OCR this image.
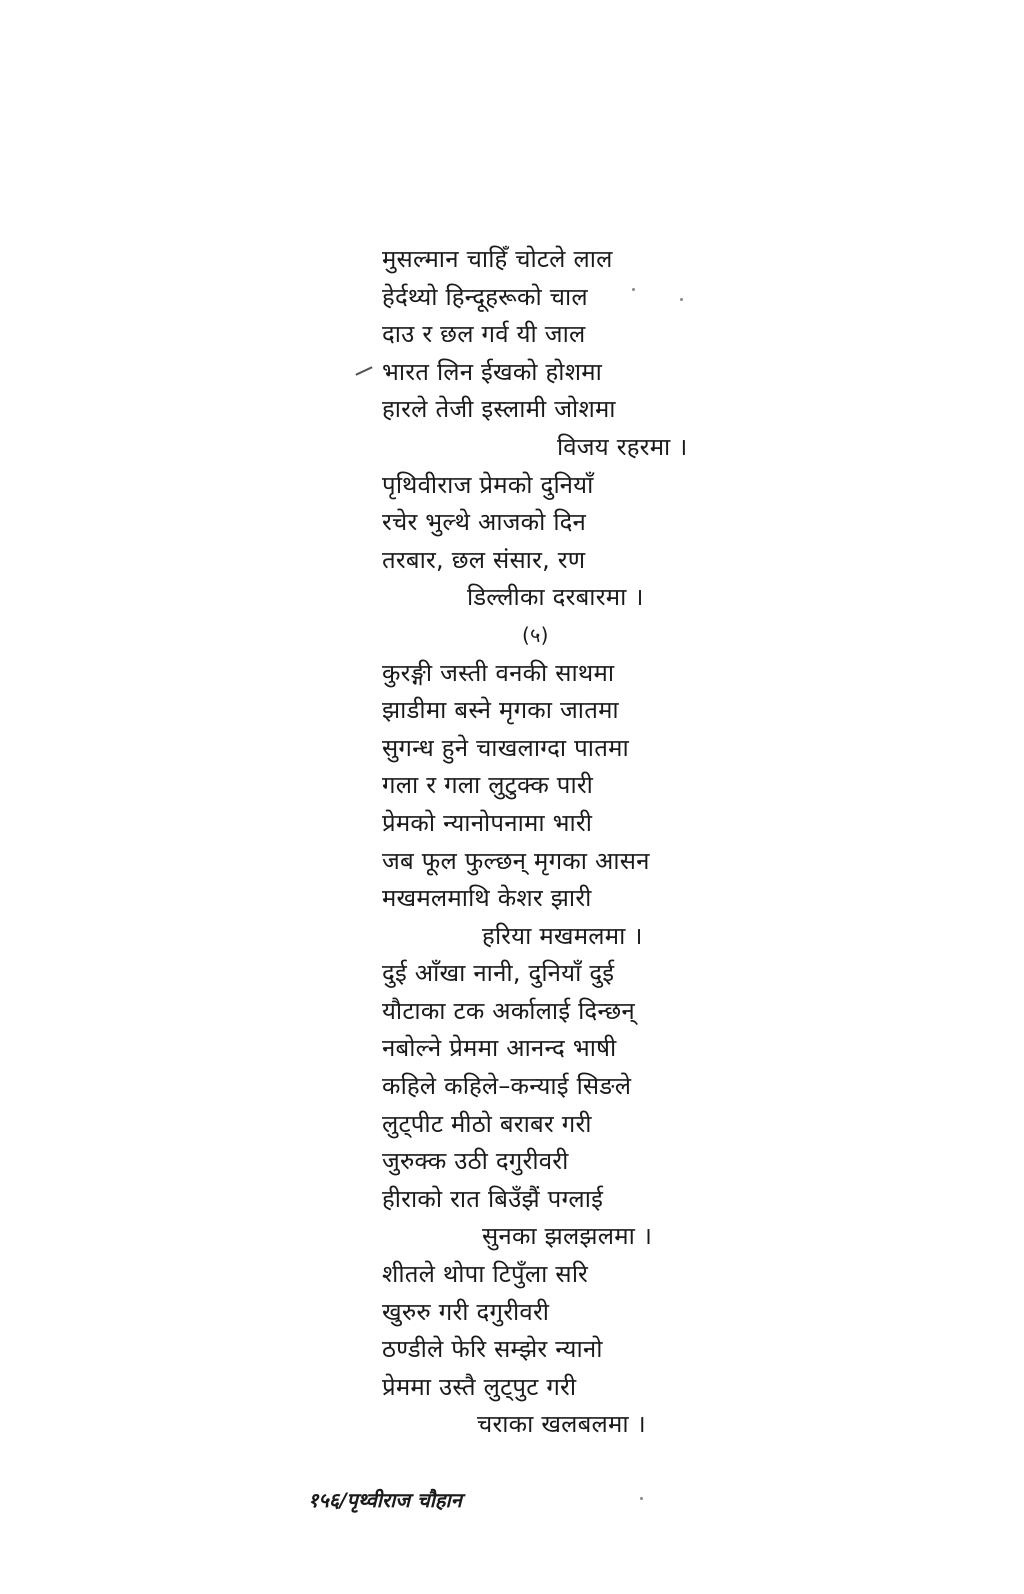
मुसल्मान चाहिँ चोटले लाल
हेर्दथ्यो हिन्दूहरूको चाल
दाउ र छल गर्व यी जाल
भारत लिन ईखको होशमा
हारले तेजी इस्लामी जोशमा
विजय रहरमा ।
पृथिवीराज प्रेमको दुनियाँ
रचेर भुल्थे आजको दिन
तरबार, छल संसार, रण
डिल्लीका दरबारमा ।
(५)
कुरङ्गी जस्ती वनकी साथमा
झाडीमा बस्ने मृगका जातमा
सुगन्ध हुने चाखलाग्दा पातमा
गला र गला लुटुक्क पारी
प्रेमको न्यानोपनामा भारी
जब फूल फुल्छन् मृगका आसन
मखमलमाथि केशर झारी
हरिया मखमलमा ।
दुई आँखा नानी, दुनियाँ दुई
यौटाका टक अर्कालाई दिन्छन्
नबोल्ने प्रेममा आनन्द भाषी
कहिले कहिले–कन्याई सिङले
लुट्पीट मीठो बराबर गरी
जुरुक्क उठी दगुरीवरी
हीराको रात बिउँझैं पग्लाई
सुनका झलझलमा ।
शीतले थोपा टिपुँला सरि
खुरुरु गरी दगुरीवरी
ठण्डीले फेरि सम्झेर न्यानो
प्रेममा उस्तै लुट्पुट गरी
चराका खलबलमा ।
१५६/पृथ्वीराज चौहान
